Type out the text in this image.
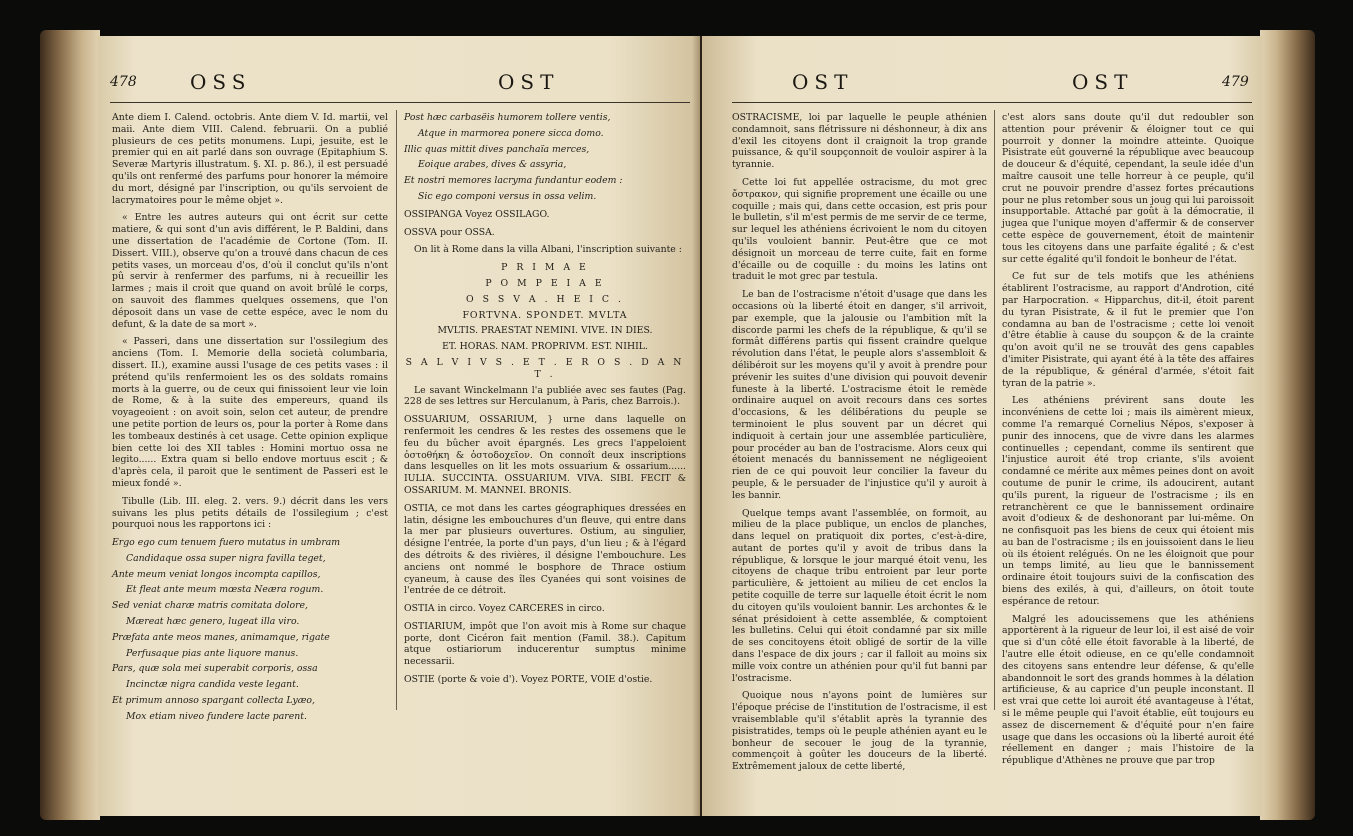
478	OSS	OST

Ante diem I. Calend. octobris. Ante diem V. Id. martii, vel maii. Ante diem VIII. Calend. februarii. On a publié plusieurs de ces petits monumens. Lupi, jesuite, est le premier qui en ait parlé dans son ouvrage (Epitaphium S. Severæ Martyris illustratum. §. XI. p. 86.), il est persuadé qu'ils ont renfermé des parfums pour honorer la mémoire du mort, désigné par l'inscription, ou qu'ils servoient de lacrymatoires pour le même objet ».

« Entre les autres auteurs qui ont écrit sur cette matiere, & qui sont d'un avis différent, le P. Baldini, dans une dissertation de l'académie de Cortone (Tom. II. Dissert. VIII.), observe qu'on a trouvé dans chacun de ces petits vases, un morceau d'os, d'où il conclut qu'ils n'ont pû servir à renfermer des parfums, ni à recueillir les larmes ; mais il croit que quand on avoit brûlé le corps, on sauvoit des flammes quelques ossemens, que l'on déposoit dans un vase de cette espéce, avec le nom du defunt, & la date de sa mort ».

« Passeri, dans une dissertation sur l'ossilegium des anciens (Tom. I. Memorie della società columbaria, dissert. II.), examine aussi l'usage de ces petits vases : il prétend qu'ils renfermoient les os des soldats romains morts à la guerre, ou de ceux qui finissoient leur vie loin de Rome, & à la suite des empereurs, quand ils voyageoient : on avoit soin, selon cet auteur, de prendre une petite portion de leurs os, pour la porter à Rome dans les tombeaux destinés à cet usage. Cette opinion explique bien cette loi des XII tables : Homini mortuo ossa ne legito...... Extra quam si bello endove mortuus escit ; & d'après cela, il paroit que le sentiment de Passeri est le mieux fondé ».

Tibulle (Lib. III. eleg. 2. vers. 9.) décrit dans les vers suivans les plus petits détails de l'ossilegium ; c'est pourquoi nous les rapportons ici :

Ergo ego cum tenuem fuero mutatus in umbram
Candidaque ossa super nigra favilla teget,
Ante meum veniat longos incompta capillos,
Et fleat ante meum mœsta Neæra rogum.
Sed veniat charæ matris comitata dolore,
Mæreat hæc genero, lugeat illa viro.
Præfata ante meos manes, animamque, rigate
Perfusaque pias ante liquore manus.
Pars, quæ sola mei superabit corporis, ossa
Incinctæ nigra candida veste legant.
Et primum annoso spargant collecta Lyæo,
Mox etiam niveo fundere lacte parent.
Post hæc carbasëis humorem tollere ventis,
Atque in marmorea ponere sicca domo.
Illic quas mittit dives panchaïa merces,
Eoique arabes, dives & assyria,
Et nostri memores lacryma fundantur eodem :
Sic ego componi versus in ossa velim.

OSSIPANGA Voyez OSSILAGO.

OSSVA pour OSSA.

On lit à Rome dans la villa Albani, l'inscription suivante :

P R I M A E
P O M P E I A E
O S S V A . H E I C .
FORTVNA. SPONDET. MVLTA
MVLTIS. PRAESTAT NEMINI. VIVE. IN DIES.
ET. HORAS. NAM. PROPRIVM. EST. NIHIL.
S A L V I V S . E T . E R O S . D A N T .

Le savant Winckelmann l'a publiée avec ses fautes (Pag. 228 de ses lettres sur Herculanum, à Paris, chez Barrois.).

OSSUARIUM, OSSARIUM, } urne dans laquelle on renfermoit les cendres & les restes des ossemens que le feu du bûcher avoit épargnés. Les grecs l'appeloient ὀστοθήκη & ὀστοδοχεῖον. On connoît deux inscriptions dans lesquelles on lit les mots ossuarium & ossarium...... IULIA. SUCCINTA. OSSUARIUM. VIVA. SIBI. FECIT & OSSARIUM. M. MANNEI. BRONIS.

OSTIA, ce mot dans les cartes géographiques dressées en latin, désigne les embouchures d'un fleuve, qui entre dans la mer par plusieurs ouvertures. Ostium, au singulier, désigne l'entrée, la porte d'un pays, d'un lieu ; & à l'égard des détroits & des rivières, il désigne l'embouchure. Les anciens ont nommé le bosphore de Thrace ostium cyaneum, à cause des îles Cyanées qui sont voisines de l'entrée de ce détroit.

OSTIA in circo. Voyez CARCERES in circo.

OSTIARIUM, impôt que l'on avoit mis à Rome sur chaque porte, dont Cicéron fait mention (Famil. 38.). Capitum atque ostiariorum inducerentur sumptus minime necessarii.

OSTIE (porte & voie d'). Voyez PORTE, VOIE d'ostie.

OST	OST	479

OSTRACISME, loi par laquelle le peuple athénien condamnoit, sans flétrissure ni déshonneur, à dix ans d'exil les citoyens dont il craignoit la trop grande puissance, & qu'il soupçonnoit de vouloir aspirer à la tyrannie.

Cette loi fut appellée ostracisme, du mot grec ὄστρακον, qui signifie proprement une écaille ou une coquille ; mais qui, dans cette occasion, est pris pour le bulletin, s'il m'est permis de me servir de ce terme, sur lequel les athéniens écrivoient le nom du citoyen qu'ils vouloient bannir. Peut-être que ce mot désignoit un morceau de terre cuite, fait en forme d'écaille ou de coquille : du moins les latins ont traduit le mot grec par testula.

Le ban de l'ostracisme n'étoit d'usage que dans les occasions où la liberté étoit en danger, s'il arrivoit, par exemple, que la jalousie ou l'ambition mît la discorde parmi les chefs de la république, & qu'il se formât différens partis qui fissent craindre quelque révolution dans l'état, le peuple alors s'assembloit & délibéroit sur les moyens qu'il y avoit à prendre pour prévenir les suites d'une division qui pouvoit devenir funeste à la liberté. L'ostracisme étoit le remède ordinaire auquel on avoit recours dans ces sortes d'occasions, & les délibérations du peuple se terminoient le plus souvent par un décret qui indiquoit à certain jour une assemblée particulière, pour procéder au ban de l'ostracisme. Alors ceux qui étoient menacés du bannissement ne négligeoient rien de ce qui pouvoit leur concilier la faveur du peuple, & le persuader de l'injustice qu'il y auroit à les bannir.

Quelque temps avant l'assemblée, on formoit, au milieu de la place publique, un enclos de planches, dans lequel on pratiquoit dix portes, c'est-à-dire, autant de portes qu'il y avoit de tribus dans la république, & lorsque le jour marqué étoit venu, les citoyens de chaque tribu entroient par leur porte particulière, & jettoient au milieu de cet enclos la petite coquille de terre sur laquelle étoit écrit le nom du citoyen qu'ils vouloient bannir. Les archontes & le sénat présidoient à cette assemblée, & comptoient les bulletins. Celui qui étoit condamné par six mille de ses concitoyens étoit obligé de sortir de la ville dans l'espace de dix jours ; car il falloit au moins six mille voix contre un athénien pour qu'il fut banni par l'ostracisme.

Quoique nous n'ayons point de lumières sur l'époque précise de l'institution de l'ostracisme, il est vraisemblable qu'il s'établit après la tyrannie des pisistratides, temps où le peuple athénien ayant eu le bonheur de secouer le joug de la tyrannie, commençoit à goûter les douceurs de la liberté. Extrêmement jaloux de cette liberté,

c'est alors sans doute qu'il dut redoubler son attention pour prévenir & éloigner tout ce qui pourroit y donner la moindre atteinte. Quoique Pisistrate eût gouverné la république avec beaucoup de douceur & d'équité, cependant, la seule idée d'un maître causoit une telle horreur à ce peuple, qu'il crut ne pouvoir prendre d'assez fortes précautions pour ne plus retomber sous un joug qui lui paroissoit insupportable. Attaché par goût à la démocratie, il jugea que l'unique moyen d'affermir & de conserver cette espèce de gouvernement, étoit de maintenir tous les citoyens dans une parfaite égalité ; & c'est sur cette égalité qu'il fondoit le bonheur de l'état.

Ce fut sur de tels motifs que les athéniens établirent l'ostracisme, au rapport d'Androtion, cité par Harpocration. « Hipparchus, dit-il, étoit parent du tyran Pisistrate, & il fut le premier que l'on condamna au ban de l'ostracisme ; cette loi venoit d'être établie à cause du soupçon & de la crainte qu'on avoit qu'il ne se trouvât des gens capables d'imiter Pisistrate, qui ayant été à la tête des affaires de la république, & général d'armée, s'étoit fait tyran de la patrie ».

Les athéniens prévirent sans doute les inconvéniens de cette loi ; mais ils aimèrent mieux, comme l'a remarqué Cornelius Népos, s'exposer à punir des innocens, que de vivre dans les alarmes continuelles ; cependant, comme ils sentirent que l'injustice auroit été trop criante, s'ils avoient condamné ce mérite aux mêmes peines dont on avoit coutume de punir le crime, ils adoucirent, autant qu'ils purent, la rigueur de l'ostracisme ; ils en retranchèrent ce que le bannissement ordinaire avoit d'odieux & de deshonorant par lui-même. On ne confisquoit pas les biens de ceux qui étoient mis au ban de l'ostracisme ; ils en jouissoient dans le lieu où ils étoient relégués. On ne les éloignoit que pour un temps limité, au lieu que le bannissement ordinaire étoit toujours suivi de la confiscation des biens des exilés, à qui, d'ailleurs, on ôtoit toute espérance de retour.

Malgré les adoucissemens que les athéniens apportèrent à la rigueur de leur loi, il est aisé de voir que si d'un côté elle étoit favorable à la liberté, de l'autre elle étoit odieuse, en ce qu'elle condamnoit des citoyens sans entendre leur défense, & qu'elle abandonnoit le sort des grands hommes à la délation artificieuse, & au caprice d'un peuple inconstant. Il est vrai que cette loi auroit été avantageuse à l'état, si le même peuple qui l'avoit établie, eût toujours eu assez de discernement & d'équité pour n'en faire usage que dans les occasions où la liberté auroit été réellement en danger ; mais l'histoire de la république d'Athènes ne prouve que par trop
